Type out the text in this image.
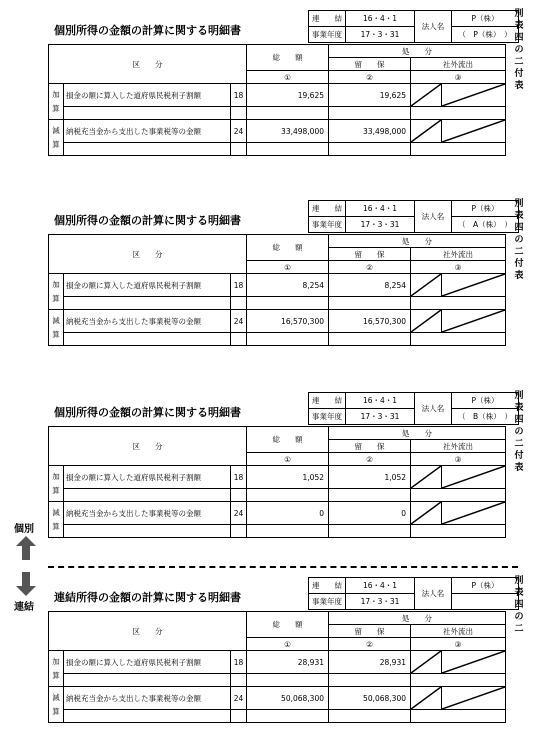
個別所得の金額の計算に関する明細書
連　　結	16・4・1	法人名	P（株）
事業年度	17・3・31		（　P（株）　）
別表四の二付表
区　　分			総　　額	処　　分	
				留　　保	社外流出
			①	②	③
加算	損金の額に算入した道府県民税利子割額	18	19,625	19,625	

減算	納税充当金から支出した事業税等の金額	24	33,498,000	33,498,000	

個別所得の金額の計算に関する明細書
連　　結	16・4・1	法人名	P（株）
事業年度	17・3・31		（　A（株）　）
別表四の二付表
区　　分			総　　額	処　　分	
				留　　保	社外流出
			①	②	③
加算	損金の額に算入した道府県民税利子割額	18	8,254	8,254	

減算	納税充当金から支出した事業税等の金額	24	16,570,300	16,570,300	

個別所得の金額の計算に関する明細書
連　　結	16・4・1	法人名	P（株）
事業年度	17・3・31		（　B（株）　）
別表四の二付表
区　　分			総　　額	処　　分	
				留　　保	社外流出
			①	②	③
加算	損金の額に算入した道府県民税利子割額	18	1,052	1,052	

減算	納税充当金から支出した事業税等の金額	24	0	0	

連結所得の金額の計算に関する明細書
連　　結	16・4・1	法人名	P（株）
事業年度	17・3・31		
別表四の二
区　　分			総　　額	処　　分	
				留　　保	社外流出
			①	②	③
加算	損金の額に算入した道府県民税利子割額	18	28,931	28,931	

減算	納税充当金から支出した事業税等の金額	24	50,068,300	50,068,300	

個別
連結
